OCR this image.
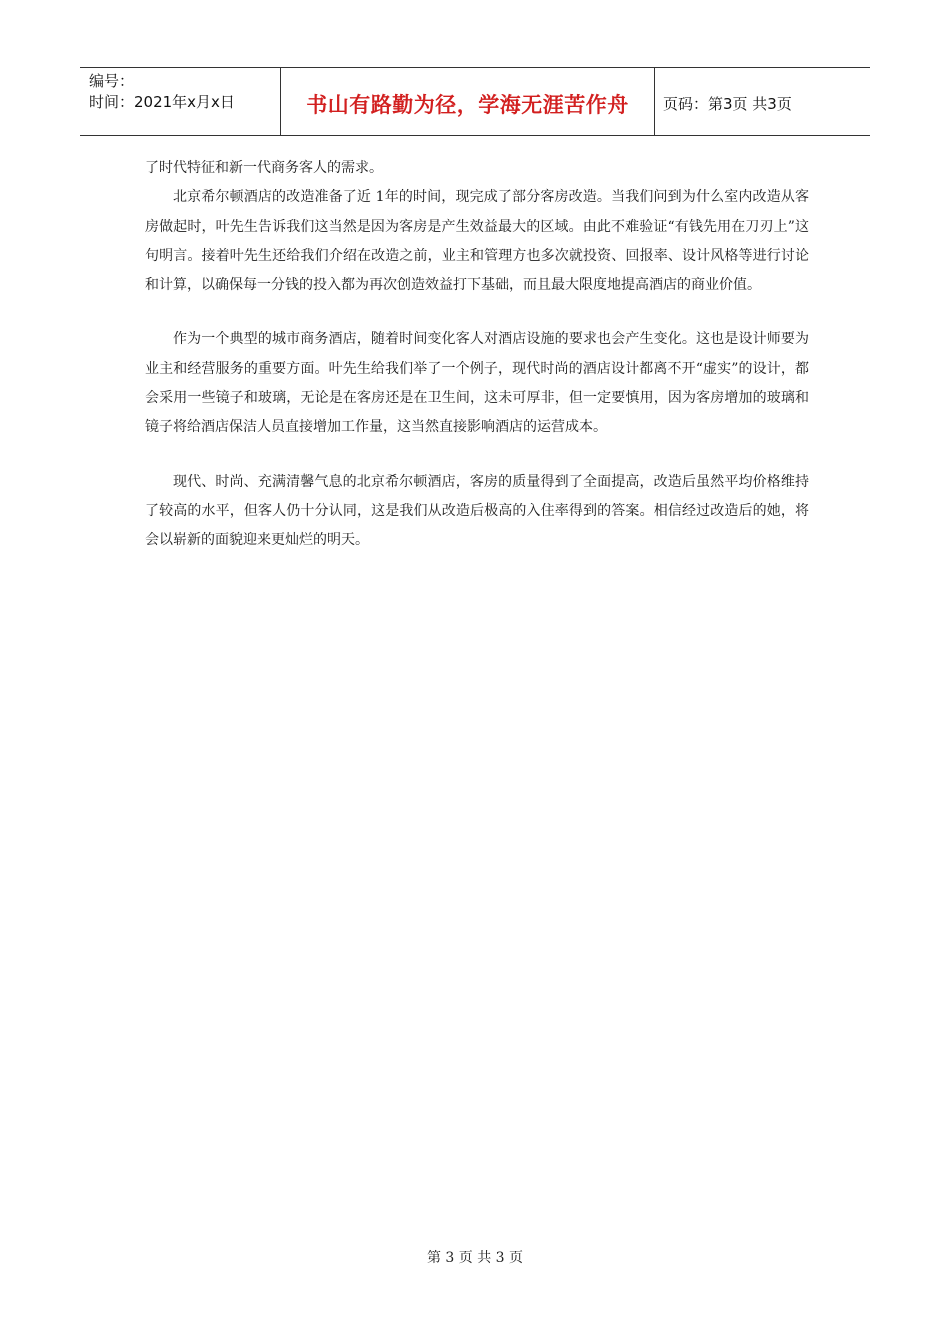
编号：
时间：2021年x月x日	书山有路勤为径，学海无涯苦作舟 页码：第3页 共3页

了时代特征和新一代商务客人的需求。

北京希尔顿酒店的改造准备了近 1年的时间，现完成了部分客房改造。当我们问到为什么室内改造从客房做起时，叶先生告诉我们这当然是因为客房是产生效益最大的区域。由此不难验证“有钱先用在刀刃上”这句明言。接着叶先生还给我们介绍在改造之前，业主和管理方也多次就投资、回报率、设计风格等进行讨论和计算，以确保每一分钱的投入都为再次创造效益打下基础，而且最大限度地提高酒店的商业价值。

作为一个典型的城市商务酒店，随着时间变化客人对酒店设施的要求也会产生变化。这也是设计师要为业主和经营服务的重要方面。叶先生给我们举了一个例子，现代时尚的酒店设计都离不开“虚实”的设计，都会采用一些镜子和玻璃，无论是在客房还是在卫生间，这未可厚非，但一定要慎用，因为客房增加的玻璃和镜子将给酒店保洁人员直接增加工作量，这当然直接影响酒店的运营成本。

现代、时尚、充满清馨气息的北京希尔顿酒店，客房的质量得到了全面提高，改造后虽然平均价格维持了较高的水平，但客人仍十分认同，这是我们从改造后极高的入住率得到的答案。相信经过改造后的她，将会以崭新的面貌迎来更灿烂的明天。

第 3 页 共 3 页
